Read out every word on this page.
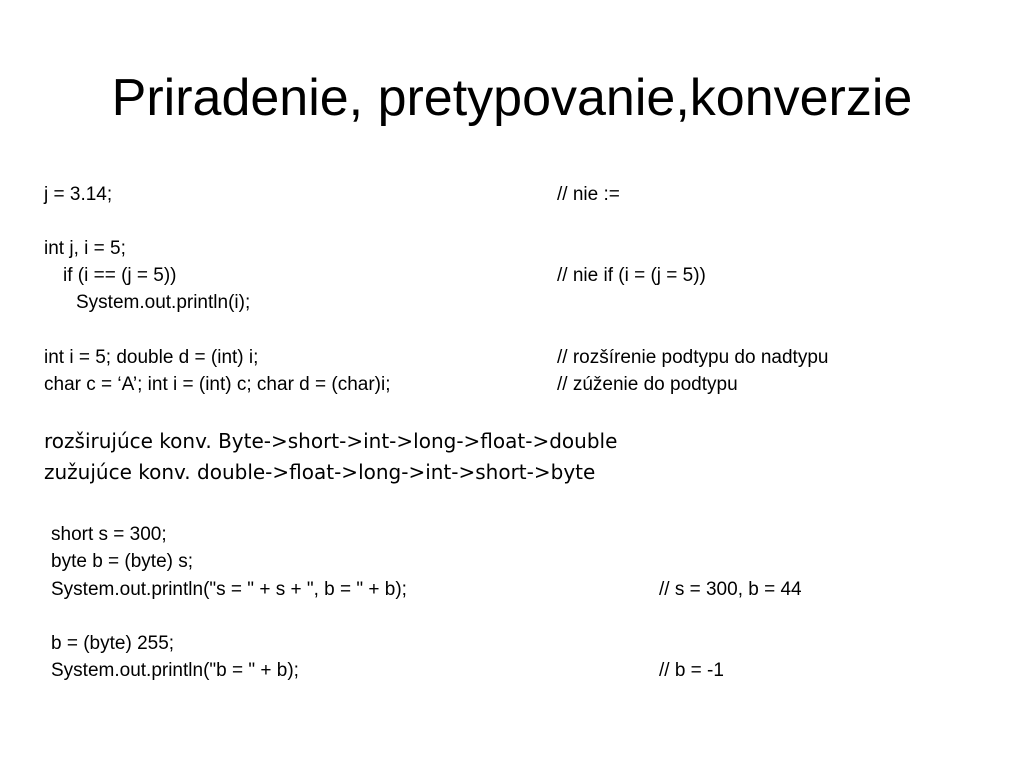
Priradenie, pretypovanie,konverzie
j = 3.14;	// nie :=
int j, i = 5;
if (i == (j = 5))	// nie if (i = (j = 5))
System.out.println(i);
int i = 5; double d = (int) i;	// rozšírenie podtypu do nadtypu
char c = ‘A’; int i = (int) c; char d = (char)i;	// zúženie do podtypu
rozširujúce konv. Byte->short->int->long->float->double
zužujúce konv. double->float->long->int->short->byte
short s = 300;
byte b = (byte) s;
System.out.println("s = " + s + ", b = " + b);	// s = 300, b = 44
b = (byte) 255;
System.out.println("b = " + b);	// b = -1
